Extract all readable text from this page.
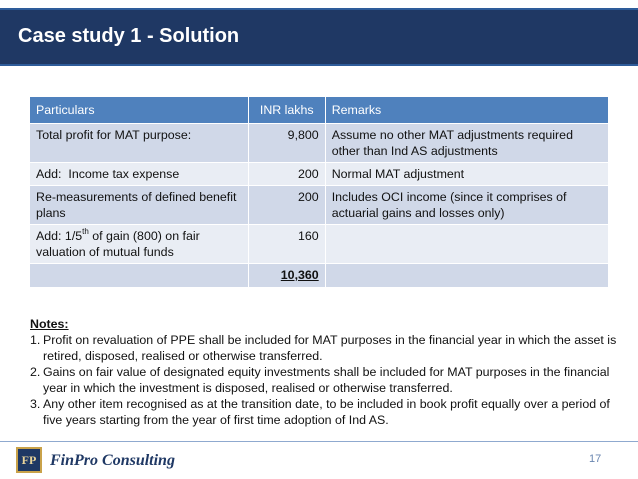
Case study 1 - Solution
Particulars	INR lakhs	Remarks
Total profit for MAT purpose:	9,800	Assume no other MAT adjustments required other than Ind AS adjustments
Add:  Income tax expense	200	Normal MAT adjustment
Re-measurements of defined benefit plans	200	Includes OCI income (since it comprises of actuarial gains and losses only)
Add: 1/5th of gain (800) on fair valuation of mutual funds	160	
	10,360	
Notes:
1. Profit on revaluation of PPE shall be included for MAT purposes in the financial year in which the asset is retired, disposed, realised or otherwise transferred.
2. Gains on fair value of designated equity investments shall be included for MAT purposes in the financial year in which the investment is disposed, realised or otherwise transferred.
3. Any other item recognised as at the transition date, to be included in book profit equally over a period of five years starting from the year of first time adoption of Ind AS.
FP FinPro Consulting	17
